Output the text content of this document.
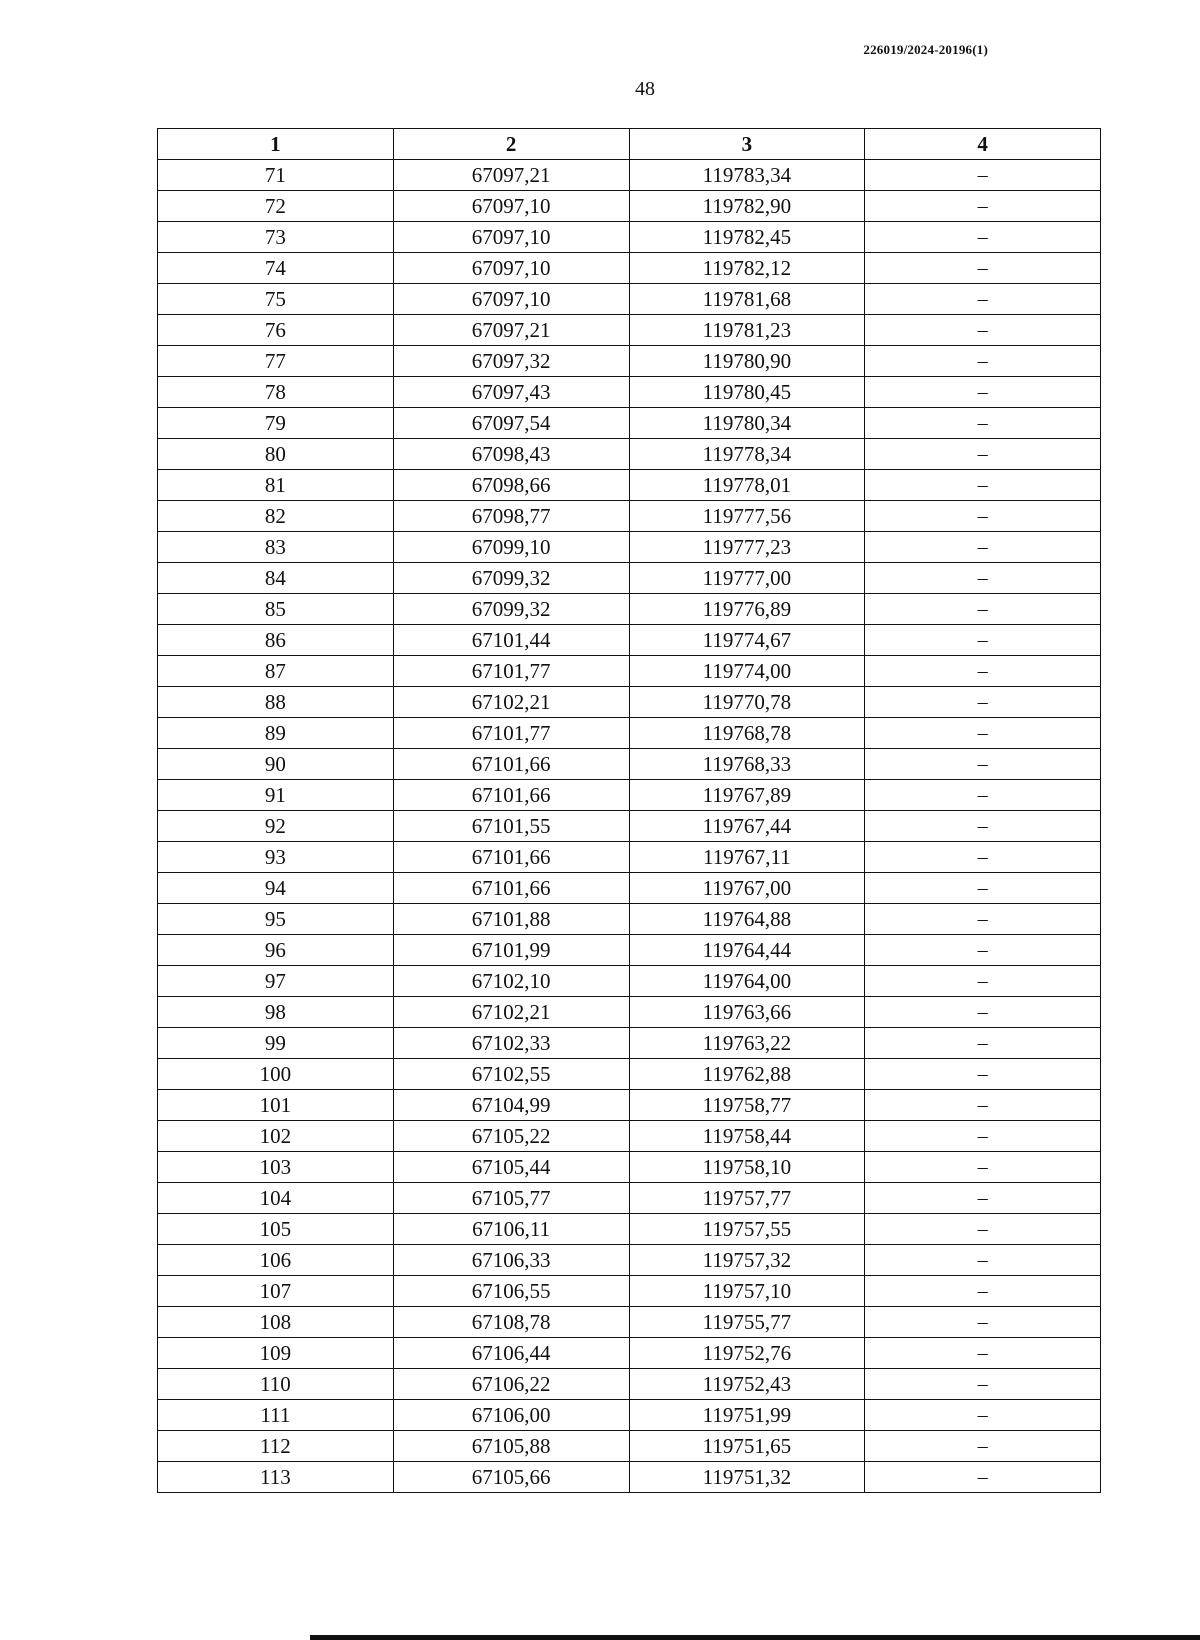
226019/2024-20196(1)
48
1	2	3	4
71	67097,21	119783,34	–
72	67097,10	119782,90	–
73	67097,10	119782,45	–
74	67097,10	119782,12	–
75	67097,10	119781,68	–
76	67097,21	119781,23	–
77	67097,32	119780,90	–
78	67097,43	119780,45	–
79	67097,54	119780,34	–
80	67098,43	119778,34	–
81	67098,66	119778,01	–
82	67098,77	119777,56	–
83	67099,10	119777,23	–
84	67099,32	119777,00	–
85	67099,32	119776,89	–
86	67101,44	119774,67	–
87	67101,77	119774,00	–
88	67102,21	119770,78	–
89	67101,77	119768,78	–
90	67101,66	119768,33	–
91	67101,66	119767,89	–
92	67101,55	119767,44	–
93	67101,66	119767,11	–
94	67101,66	119767,00	–
95	67101,88	119764,88	–
96	67101,99	119764,44	–
97	67102,10	119764,00	–
98	67102,21	119763,66	–
99	67102,33	119763,22	–
100	67102,55	119762,88	–
101	67104,99	119758,77	–
102	67105,22	119758,44	–
103	67105,44	119758,10	–
104	67105,77	119757,77	–
105	67106,11	119757,55	–
106	67106,33	119757,32	–
107	67106,55	119757,10	–
108	67108,78	119755,77	–
109	67106,44	119752,76	–
110	67106,22	119752,43	–
111	67106,00	119751,99	–
112	67105,88	119751,65	–
113	67105,66	119751,32	–
